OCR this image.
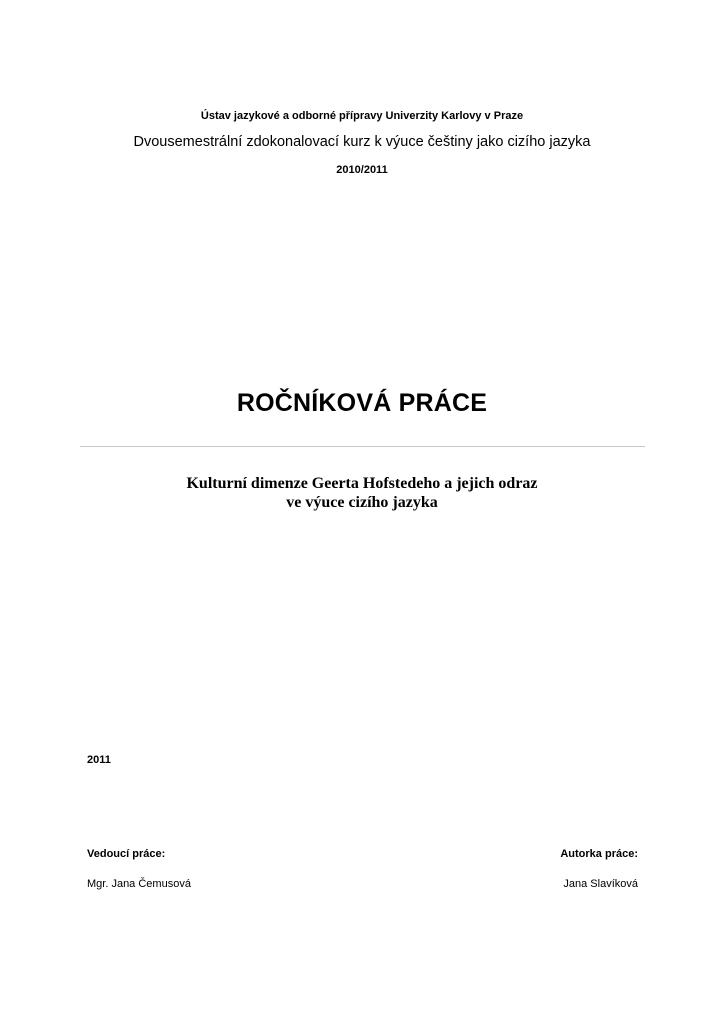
Ústav jazykové a odborné přípravy Univerzity Karlovy v Praze
Dvousemestrální zdokonalovací kurz k výuce češtiny jako cizího jazyka
2010/2011
ROČNÍKOVÁ PRÁCE
Kulturní dimenze Geerta Hofstedeho a jejich odraz
ve výuce cizího jazyka
2011
Vedoucí práce:
Mgr. Jana Čemusová
Autorka práce:
Jana Slavíková
